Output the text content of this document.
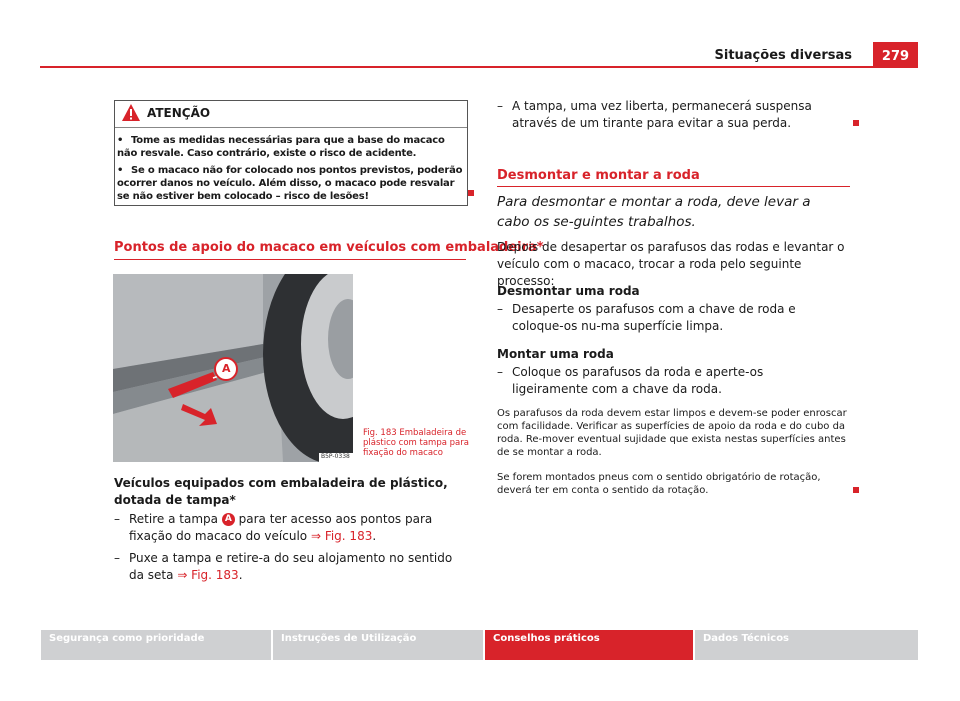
Situações diversas	279
ATENÇÃO
• Tome as medidas necessárias para que a base do macaco não resvale. Caso contrário, existe o risco de acidente.
• Se o macaco não for colocado nos pontos previstos, poderão ocorrer danos no veículo. Além disso, o macaco pode resvalar se não estiver bem colocado – risco de lesões!
Pontos de apoio do macaco em veículos com embaladeira*
A
B5P-0338
Fig. 183 Embaladeira de plástico com tampa para fixação do macaco
Veículos equipados com embaladeira de plástico, dotada de tampa*
– Retire a tampa A para ter acesso aos pontos para fixação do macaco do veículo ⇒ Fig. 183.
– Puxe a tampa e retire-a do seu alojamento no sentido da seta ⇒ Fig. 183.
– A tampa, uma vez liberta, permanecerá suspensa através de um tirante para evitar a sua perda.
Desmontar e montar a roda
Para desmontar e montar a roda, deve levar a cabo os se-guintes trabalhos.
Depois de desapertar os parafusos das rodas e levantar o veículo com o macaco, trocar a roda pelo seguinte processo:
Desmontar uma roda
– Desaperte os parafusos com a chave de roda e coloque-os nu-ma superfície limpa.
Montar uma roda
– Coloque os parafusos da roda e aperte-os ligeiramente com a chave da roda.
Os parafusos da roda devem estar limpos e devem-se poder enroscar com facilidade. Verificar as superfícies de apoio da roda e do cubo da roda. Re-mover eventual sujidade que exista nestas superfícies antes de se montar a roda.
Se forem montados pneus com o sentido obrigatório de rotação, deverá ter em conta o sentido da rotação.
Segurança como prioridade	Instruções de Utilização	Conselhos práticos	Dados Técnicos
